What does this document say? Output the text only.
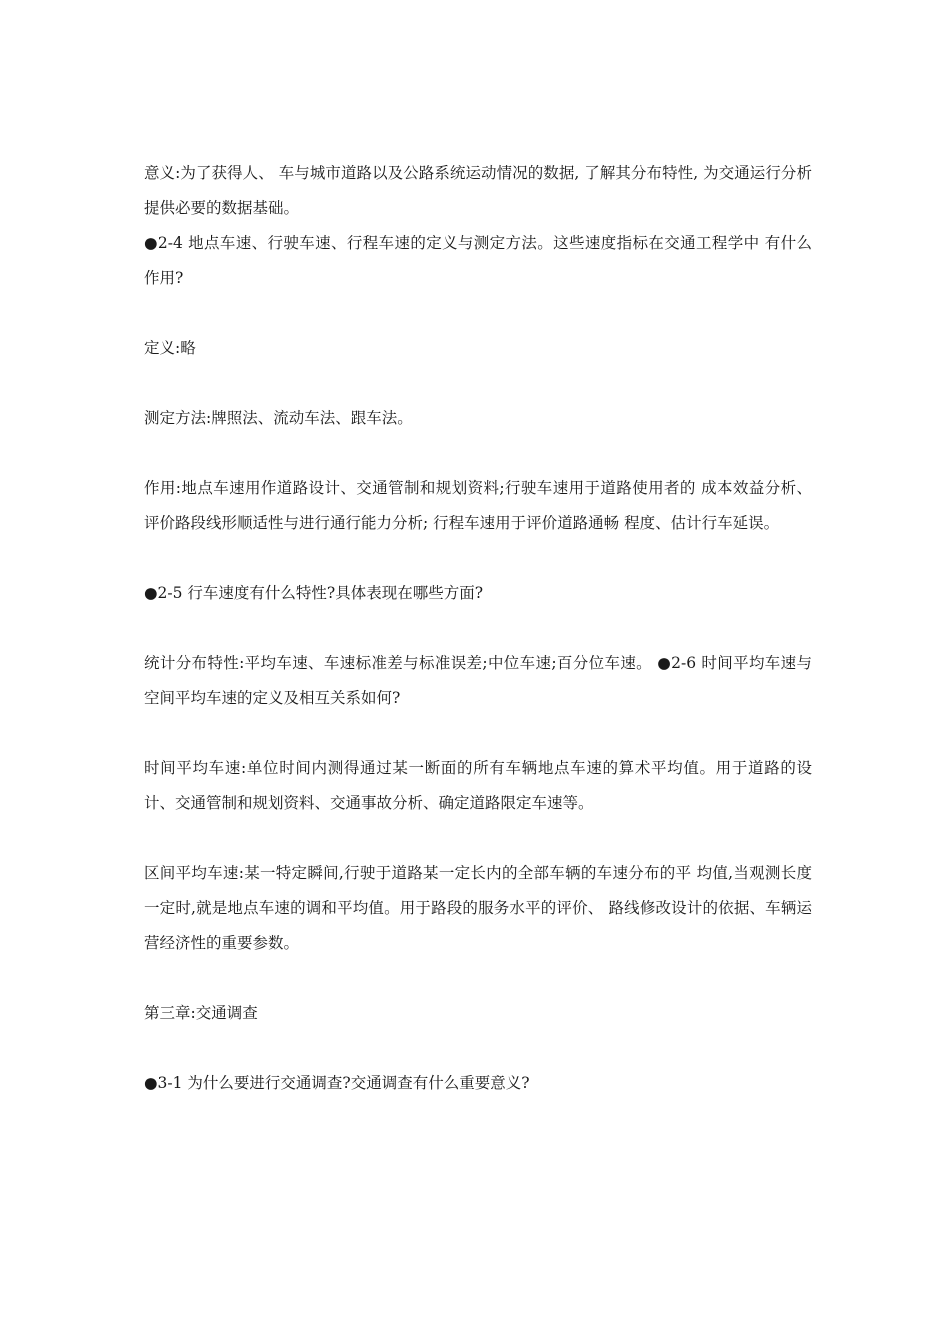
意义:为了获得人、 车与城市道路以及公路系统运动情况的数据, 了解其分布特性, 为交通运行分析提供必要的数据基础。

●2-4 地点车速、行驶车速、行程车速的定义与测定方法。这些速度指标在交通工程学中 有什么作用?

定义:略

测定方法:牌照法、流动车法、跟车法。

作用:地点车速用作道路设计、交通管制和规划资料;行驶车速用于道路使用者的 成本效益分析、 评价路段线形顺适性与进行通行能力分析; 行程车速用于评价道路通畅 程度、估计行车延误。

●2-5 行车速度有什么特性?具体表现在哪些方面?

统计分布特性:平均车速、车速标准差与标准误差;中位车速;百分位车速。 ●2-6 时间平均车速与空间平均车速的定义及相互关系如何?

时间平均车速:单位时间内测得通过某一断面的所有车辆地点车速的算术平均值。用于道路的设计、交通管制和规划资料、交通事故分析、确定道路限定车速等。

区间平均车速:某一特定瞬间,行驶于道路某一定长内的全部车辆的车速分布的平 均值,当观测长度一定时,就是地点车速的调和平均值。用于路段的服务水平的评价、 路线修改设计的依据、车辆运营经济性的重要参数。

第三章:交通调查

●3-1 为什么要进行交通调查?交通调查有什么重要意义?
